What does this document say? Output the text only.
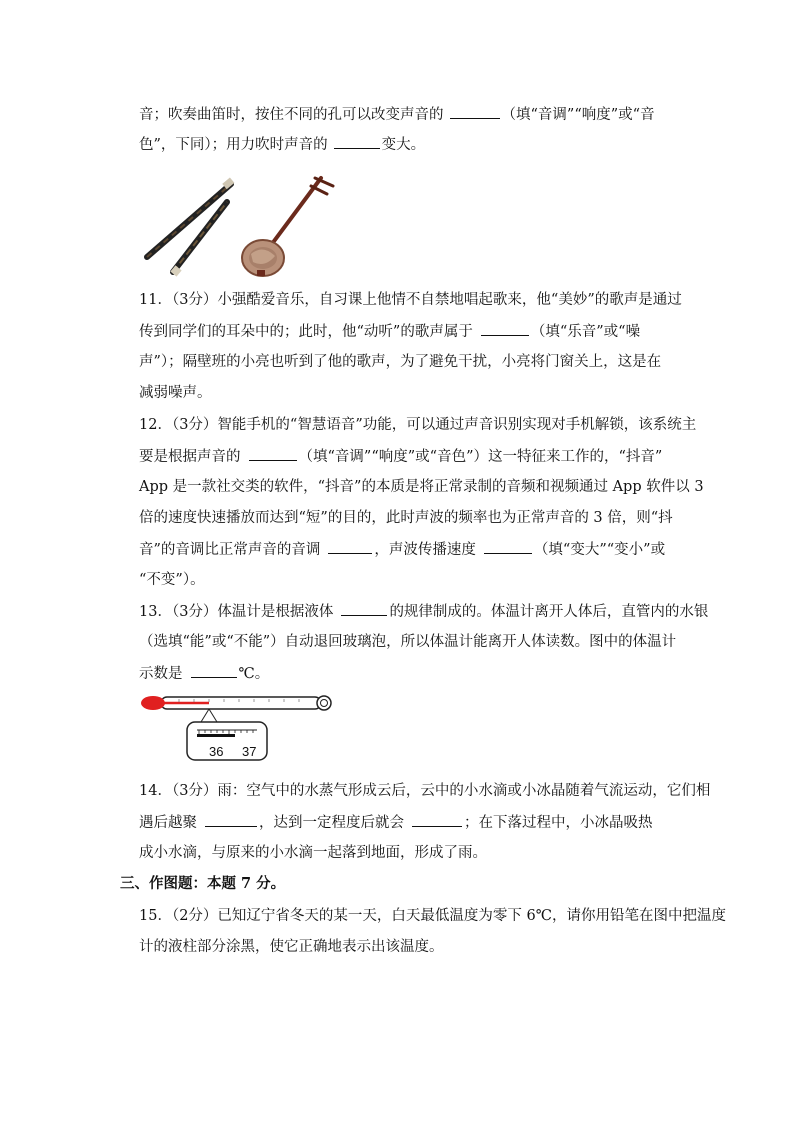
音；吹奏曲笛时，按住不同的孔可以改变声音的	（填“音调”“响度”或“音
色”，下同）；用力吹时声音的	变大。
11．（3分）小强酷爱音乐，自习课上他情不自禁地唱起歌来，他“美妙”的歌声是通过
传到同学们的耳朵中的；此时，他“动听”的歌声属于	（填“乐音”或“噪
声”）；隔壁班的小亮也听到了他的歌声，为了避免干扰，小亮将门窗关上，这是在
减弱噪声。
12．（3分）智能手机的“智慧语音”功能，可以通过声音识别实现对手机解锁，该系统主
要是根据声音的	（填“音调”“响度”或“音色”）这一特征来工作的，“抖音”
App 是一款社交类的软件，“抖音”的本质是将正常录制的音频和视频通过 App 软件以 3
倍的速度快速播放而达到“短”的目的，此时声波的频率也为正常声音的 3 倍，则“抖
音”的音调比正常声音的音调	，声波传播速度	（填“变大”“变小”或
“不变”）。
13．（3分）体温计是根据液体	的规律制成的。体温计离开人体后，直管内的水银
（选填“能”或“不能”）自动退回玻璃泡，所以体温计能离开人体读数。图中的体温计
示数是	℃。
36 37
14．（3分）雨：空气中的水蒸气形成云后，云中的小水滴或小冰晶随着气流运动，它们相
遇后越聚	，达到一定程度后就会	；在下落过程中，小冰晶吸热
成小水滴，与原来的小水滴一起落到地面，形成了雨。
三、作图题：本题 7 分。
15．（2分）已知辽宁省冬天的某一天，白天最低温度为零下 6℃，请你用铅笔在图中把温度
计的液柱部分涂黑，使它正确地表示出该温度。
